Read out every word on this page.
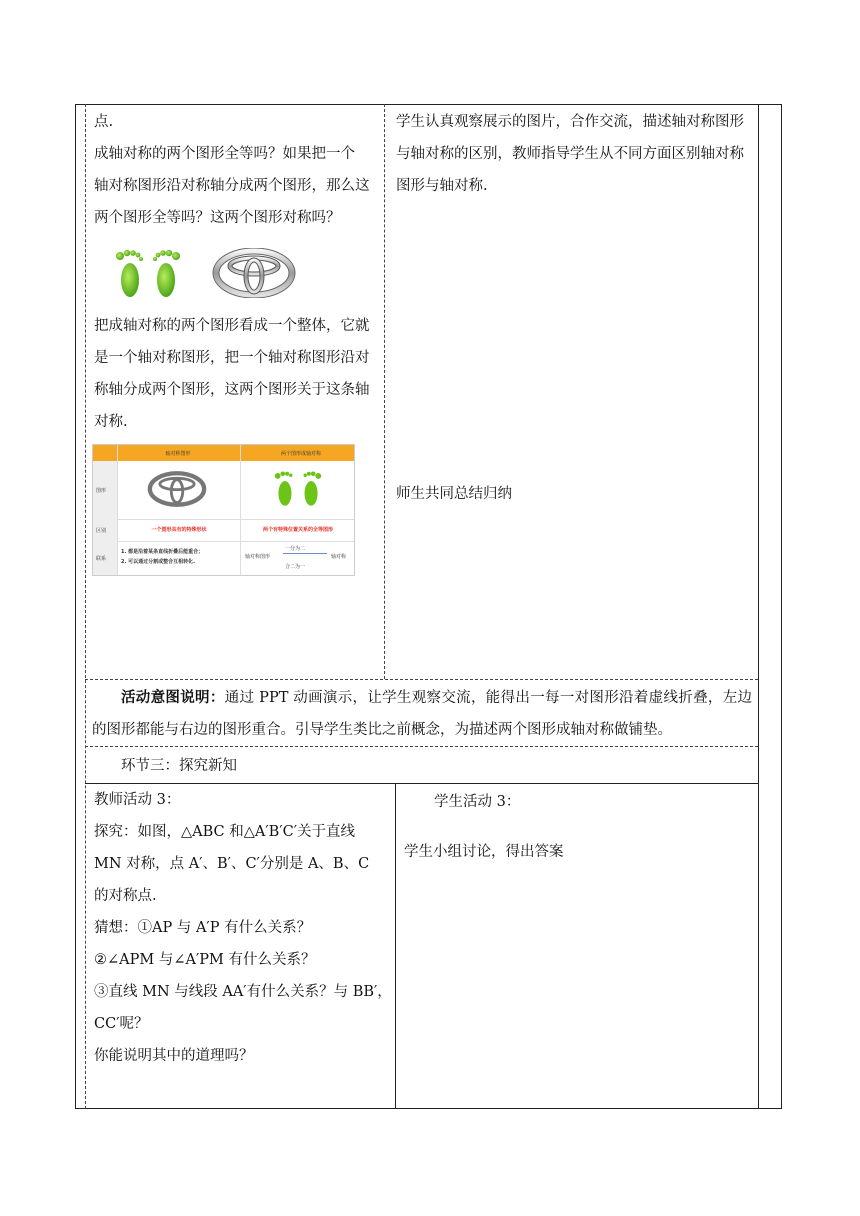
点.

成轴对称的两个图形全等吗？如果把一个

轴对称图形沿对称轴分成两个图形，那么这

两个图形全等吗？这两个图形对称吗？

把成轴对称的两个图形看成一个整体，它就

是一个轴对称图形，把一个轴对称图形沿对

称轴分成两个图形，这两个图形关于这条轴

对称.

轴对称图形	两个图形成轴对称
图形
区别
联系
一个图形具有的特殊形状	两个有特殊位置关系的全等图形
1. 都是沿着某条直线折叠后能重合；
2. 可以通过分割或整合互相转化.
轴对称图形
一分为二
合二为一
轴对称

学生认真观察展示的图片，合作交流，描述轴对称图形

与轴对称的区别，教师指导学生从不同方面区别轴对称

图形与轴对称.

师生共同总结归纳
活动意图说明：通过 PPT 动画演示，让学生观察交流，能得出一每一对图形沿着虚线折叠，左边的图形都能与右边的图形重合。引导学生类比之前概念，为描述两个图形成轴对称做铺垫。
环节三：探究新知

教师活动 3：

探究：如图，△ABC 和△A′B′C′关于直线

MN 对称，点 A′、B′、C′分别是 A、B、C

的对称点.

猜想：①AP 与 A′P 有什么关系？

②∠APM 与∠A′PM 有什么关系？

③直线 MN 与线段 AA′有什么关系？与 BB′，

CC′呢？

你能说明其中的道理吗？

学生活动 3：
学生小组讨论，得出答案
